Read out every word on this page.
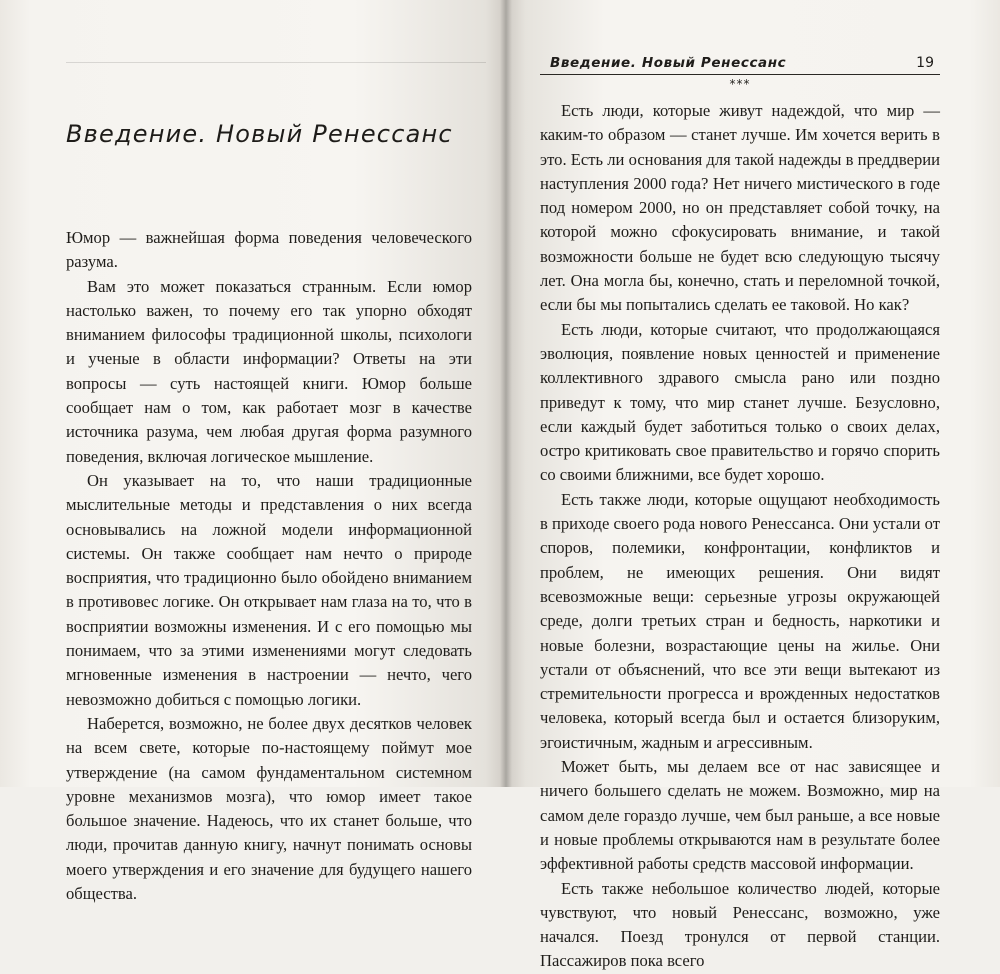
Введение. Новый Ренессанс

Юмор — важнейшая форма поведения человеческого разума.

Вам это может показаться странным. Если юмор настолько важен, то почему его так упорно обходят вниманием философы традиционной школы, психологи и ученые в области информации? Ответы на эти вопросы — суть настоящей книги. Юмор больше сообщает нам о том, как работает мозг в качестве источника разума, чем любая другая форма разумного поведения, включая логическое мышление.

Он указывает на то, что наши традиционные мыслительные методы и представления о них всегда основывались на ложной модели информационной системы. Он также сообщает нам нечто о природе восприятия, что традиционно было обойдено вниманием в противовес логике. Он открывает нам глаза на то, что в восприятии возможны изменения. И с его помощью мы понимаем, что за этими изменениями могут следовать мгновенные изменения в настроении — нечто, чего невозможно добиться с помощью логики.

Наберется, возможно, не более двух десятков человек на всем свете, которые по-настоящему поймут мое утверждение (на самом фундаментальном системном уровне механизмов мозга), что юмор имеет такое большое значение. Надеюсь, что их станет больше, что люди, прочитав данную книгу, начнут понимать основы моего утверждения и его значение для будущего нашего общества.

Введение. Новый Ренессанс	19
***

Есть люди, которые живут надеждой, что мир — каким-то образом — станет лучше. Им хочется верить в это. Есть ли основания для такой надежды в преддверии наступления 2000 года? Нет ничего мистического в годе под номером 2000, но он представляет собой точку, на которой можно сфокусировать внимание, и такой возможности больше не будет всю следующую тысячу лет. Она могла бы, конечно, стать и переломной точкой, если бы мы попытались сделать ее таковой. Но как?

Есть люди, которые считают, что продолжающаяся эволюция, появление новых ценностей и применение коллективного здравого смысла рано или поздно приведут к тому, что мир станет лучше. Безусловно, если каждый будет заботиться только о своих делах, остро критиковать свое правительство и горячо спорить со своими ближними, все будет хорошо.

Есть также люди, которые ощущают необходимость в приходе своего рода нового Ренессанса. Они устали от споров, полемики, конфронтации, конфликтов и проблем, не имеющих решения. Они видят всевозможные вещи: серьезные угрозы окружающей среде, долги третьих стран и бедность, наркотики и новые болезни, возрастающие цены на жилье. Они устали от объяснений, что все эти вещи вытекают из стремительности прогресса и врожденных недостатков человека, который всегда был и остается близоруким, эгоистичным, жадным и агрессивным.

Может быть, мы делаем все от нас зависящее и ничего большего сделать не можем. Возможно, мир на самом деле гораздо лучше, чем был раньше, а все новые и новые проблемы открываются нам в результате более эффективной работы средств массовой информации.

Есть также небольшое количество людей, которые чувствуют, что новый Ренессанс, возможно, уже начался. Поезд тронулся от первой станции. Пассажиров пока всего
